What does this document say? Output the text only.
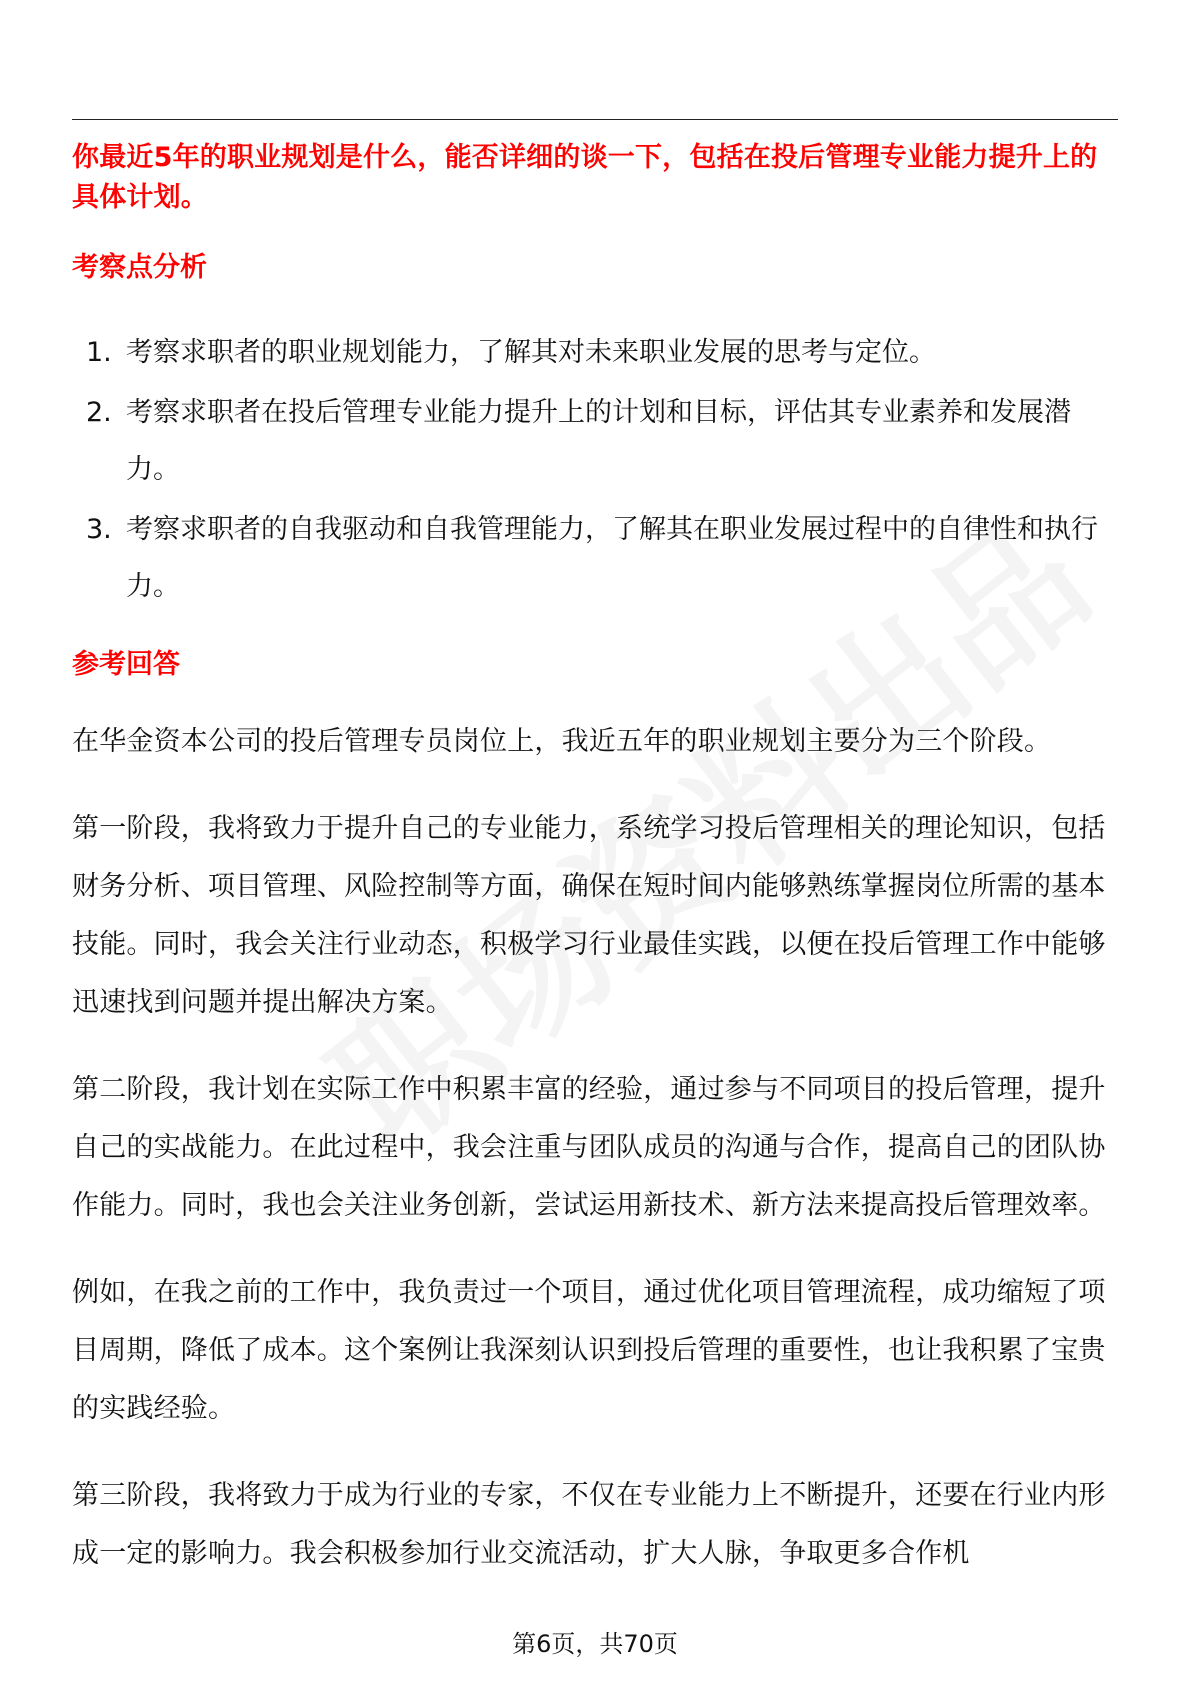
你最近5年的职业规划是什么，能否详细的谈一下，包括在投后管理专业能力提升上的具体计划。

考察点分析
1. 考察求职者的职业规划能力，了解其对未来职业发展的思考与定位。
2. 考察求职者在投后管理专业能力提升上的计划和目标，评估其专业素养和发展潜力。
3. 考察求职者的自我驱动和自我管理能力，了解其在职业发展过程中的自律性和执行力。
参考回答

在华金资本公司的投后管理专员岗位上，我近五年的职业规划主要分为三个阶段。

第一阶段，我将致力于提升自己的专业能力，系统学习投后管理相关的理论知识，包括财务分析、项目管理、风险控制等方面，确保在短时间内能够熟练掌握岗位所需的基本技能。同时，我会关注行业动态，积极学习行业最佳实践，以便在投后管理工作中能够迅速找到问题并提出解决方案。

第二阶段，我计划在实际工作中积累丰富的经验，通过参与不同项目的投后管理，提升自己的实战能力。在此过程中，我会注重与团队成员的沟通与合作，提高自己的团队协作能力。同时，我也会关注业务创新，尝试运用新技术、新方法来提高投后管理效率。

例如，在我之前的工作中，我负责过一个项目，通过优化项目管理流程，成功缩短了项目周期，降低了成本。这个案例让我深刻认识到投后管理的重要性，也让我积累了宝贵的实践经验。

第三阶段，我将致力于成为行业的专家，不仅在专业能力上不断提升，还要在行业内形成一定的影响力。我会积极参加行业交流活动，扩大人脉，争取更多合作机

第6页，共70页
